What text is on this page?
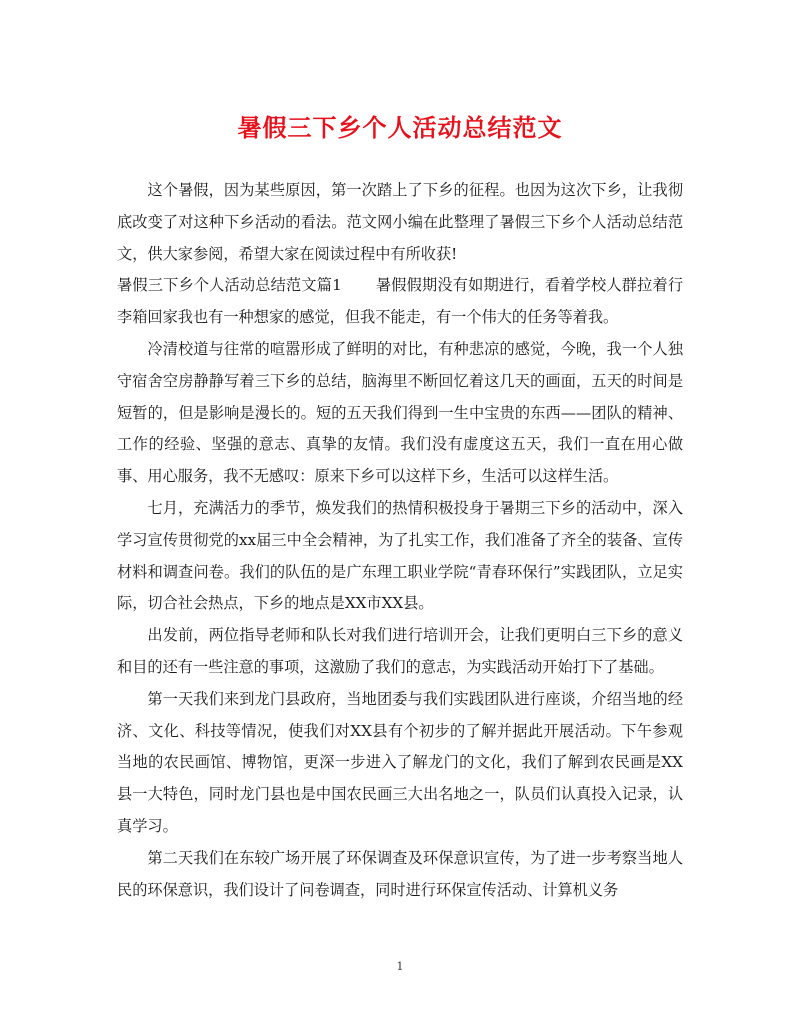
暑假三下乡个人活动总结范文

这个暑假，因为某些原因，第一次踏上了下乡的征程。也因为这次下乡，让我彻底改变了对这种下乡活动的看法。范文网小编在此整理了暑假三下乡个人活动总结范文，供大家参阅，希望大家在阅读过程中有所收获!

暑假三下乡个人活动总结范文篇1 暑假假期没有如期进行，看着学校人群拉着行李箱回家我也有一种想家的感觉，但我不能走，有一个伟大的任务等着我。

冷清校道与往常的喧嚣形成了鲜明的对比，有种悲凉的感觉，今晚，我一个人独守宿舍空房静静写着三下乡的总结，脑海里不断回忆着这几天的画面，五天的时间是短暂的，但是影响是漫长的。短的五天我们得到一生中宝贵的东西——团队的精神、工作的经验、坚强的意志、真挚的友情。我们没有虚度这五天，我们一直在用心做事、用心服务，我不无感叹：原来下乡可以这样下乡，生活可以这样生活。

七月，充满活力的季节，焕发我们的热情积极投身于暑期三下乡的活动中，深入学习宣传贯彻党的xx届三中全会精神，为了扎实工作，我们准备了齐全的装备、宣传材料和调查问卷。我们的队伍的是广东理工职业学院“青春环保行”实践团队，立足实际，切合社会热点，下乡的地点是XX市XX县。

出发前，两位指导老师和队长对我们进行培训开会，让我们更明白三下乡的意义和目的还有一些注意的事项，这激励了我们的意志，为实践活动开始打下了基础。

第一天我们来到龙门县政府，当地团委与我们实践团队进行座谈，介绍当地的经济、文化、科技等情况，使我们对XX县有个初步的了解并据此开展活动。下午参观当地的农民画馆、博物馆，更深一步进入了解龙门的文化，我们了解到农民画是XX县一大特色，同时龙门县也是中国农民画三大出名地之一，队员们认真投入记录，认真学习。

第二天我们在东较广场开展了环保调查及环保意识宣传，为了进一步考察当地人民的环保意识，我们设计了问卷调查，同时进行环保宣传活动、计算机义务

1
